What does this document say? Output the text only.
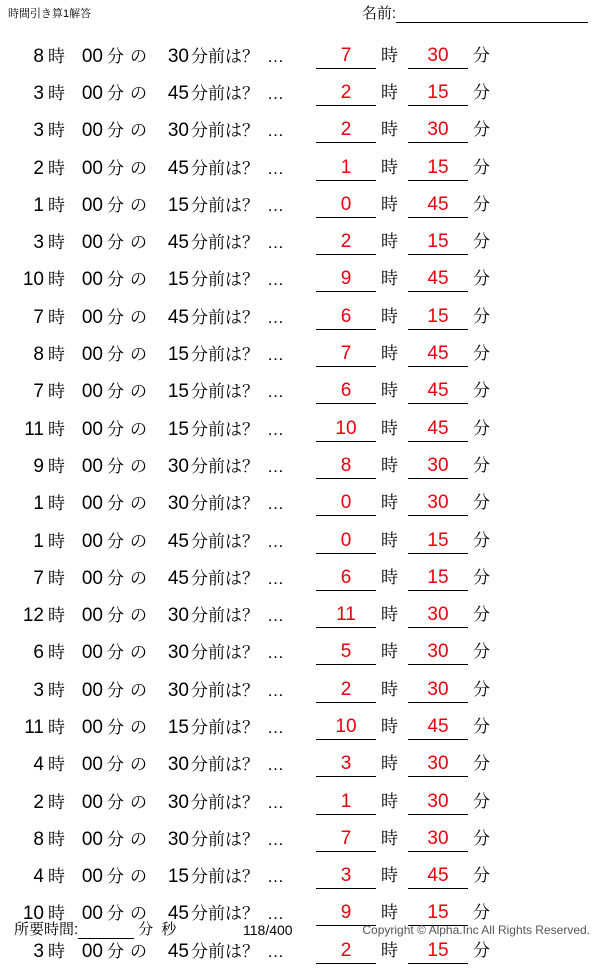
時間引き算1解答	名前:
8 時 00 分 の	30 分前は？ …	7	時	30	分
3 時 00 分 の	45 分前は？ …	2	時	15	分
3 時 00 分 の	30 分前は？ …	2	時	30	分
2 時 00 分 の	45 分前は？ …	1	時	15	分
1 時 00 分 の	15 分前は？ …	0	時	45	分
3 時 00 分 の	45 分前は？ …	2	時	15	分
10 時 00 分 の	15 分前は？ …	9	時	45	分
7 時 00 分 の	45 分前は？ …	6	時	15	分
8 時 00 分 の	15 分前は？ …	7	時	45	分
7 時 00 分 の	15 分前は？ …	6	時	45	分
11 時 00 分 の	15 分前は？ …	10	時	45	分
9 時 00 分 の	30 分前は？ …	8	時	30	分
1 時 00 分 の	30 分前は？ …	0	時	30	分
1 時 00 分 の	45 分前は？ …	0	時	15	分
7 時 00 分 の	45 分前は？ …	6	時	15	分
12 時 00 分 の	30 分前は？ …	11	時	30	分
6 時 00 分 の	30 分前は？ …	5	時	30	分
3 時 00 分 の	30 分前は？ …	2	時	30	分
11 時 00 分 の	15 分前は？ …	10	時	45	分
4 時 00 分 の	30 分前は？ …	3	時	30	分
2 時 00 分 の	30 分前は？ …	1	時	30	分
8 時 00 分 の	30 分前は？ …	7	時	30	分
4 時 00 分 の	15 分前は？ …	3	時	45	分
10 時 00 分 の	45 分前は？ …	9	時	15	分
3 時 00 分 の	45 分前は？ …	2	時	15	分
所要時間:	分 秒	118/400	Copyright © Alpha.Inc All Rights Reserved.
